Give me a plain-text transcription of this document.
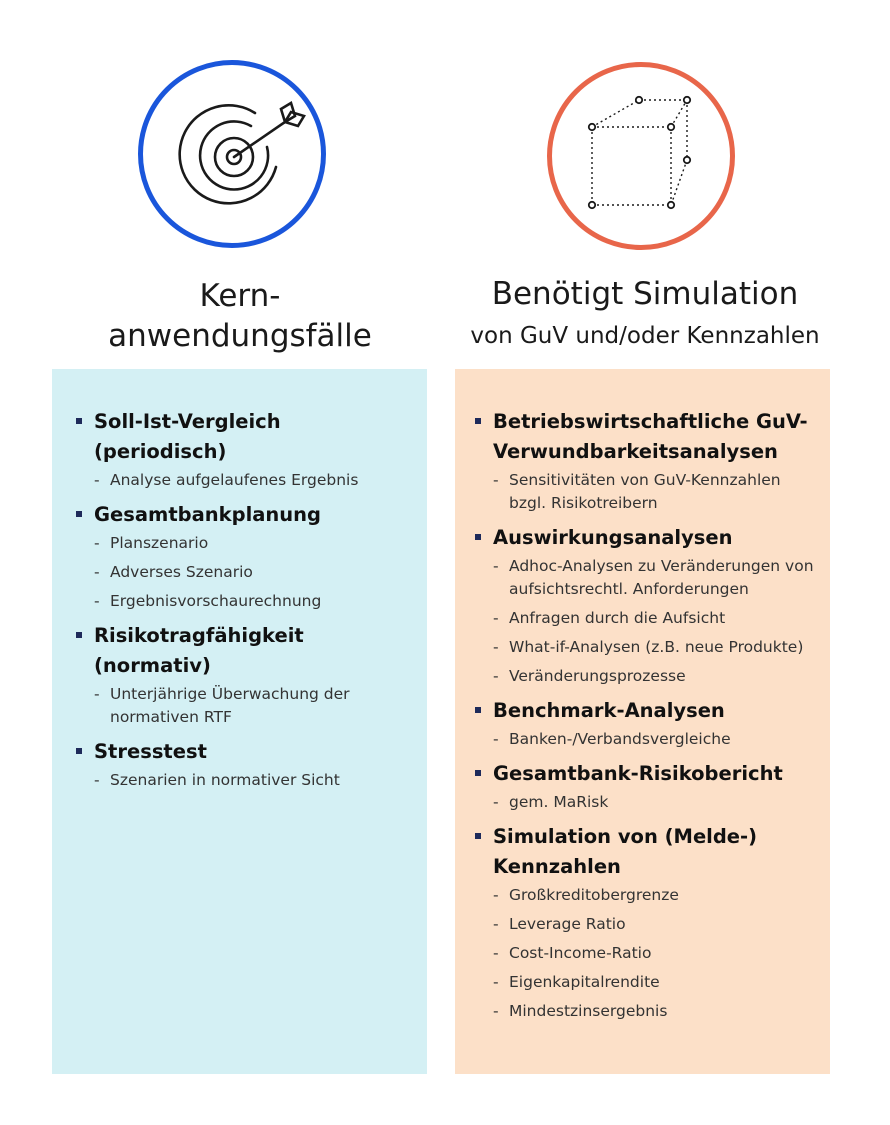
Kern-
anwendungsfälle
Benötigt Simulation
von GuV und/oder Kennzahlen
Soll-Ist-Vergleich (periodisch)
- Analyse aufgelaufenes Ergebnis
Gesamtbankplanung
- Planszenario
- Adverses Szenario
- Ergebnisvorschaurechnung
Risikotragfähigkeit (normativ)
- Unterjährige Überwachung der normativen RTF
Stresstest
- Szenarien in normativer Sicht
Betriebswirtschaftliche GuV-Verwundbarkeitsanalysen
- Sensitivitäten von GuV-Kennzahlen bzgl. Risikotreibern
Auswirkungsanalysen
- Adhoc-Analysen zu Veränderungen von aufsichtsrechtl. Anforderungen
- Anfragen durch die Aufsicht
- What-if-Analysen (z.B. neue Produkte)
- Veränderungsprozesse
Benchmark-Analysen
- Banken-/Verbandsvergleiche
Gesamtbank-Risikobericht
- gem. MaRisk
Simulation von (Melde-) Kennzahlen
- Großkreditobergrenze
- Leverage Ratio
- Cost-Income-Ratio
- Eigenkapitalrendite
- Mindestzinsergebnis
